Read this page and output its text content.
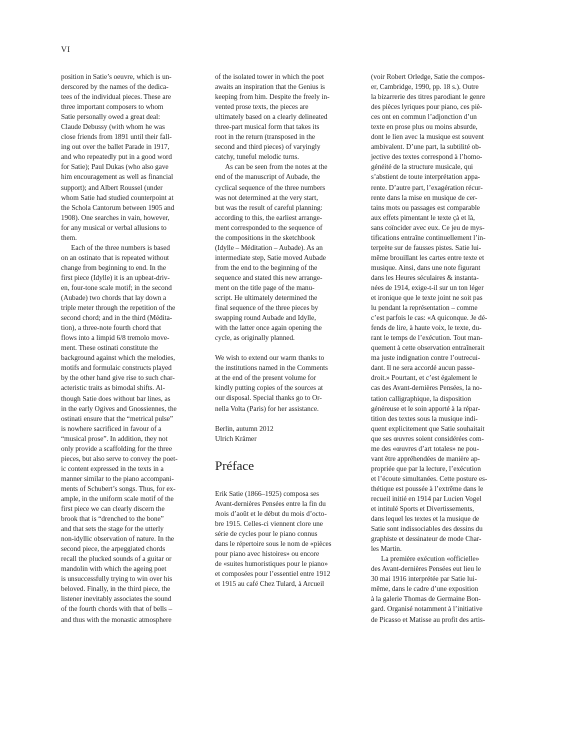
VI

position in Satie’s oeuvre, which is un-

derscored by the names of the dedica-

tees of the individual pieces. These are

three important composers to whom

Satie personally owed a great deal:

Claude Debussy (with whom he was

close friends from 1891 until their fall-

ing out over the ballet Parade in 1917,

and who repeatedly put in a good word

for Satie); Paul Dukas (who also gave

him encouragement as well as financial

support); and Albert Roussel (under

whom Satie had studied counterpoint at

the Schola Cantorum between 1905 and

1908). One searches in vain, however,

for any musical or verbal allusions to

them.

Each of the three numbers is based

on an ostinato that is repeated without

change from beginning to end. In the

first piece (Idylle) it is an upbeat-driv-

en, four-tone scale motif; in the second

(Aubade) two chords that lay down a

triple meter through the repetition of the

second chord; and in the third (Médita-

tion), a three-note fourth chord that

flows into a limpid 6/8 tremolo move-

ment. These ostinati constitute the

background against which the melodies,

motifs and formulaic constructs played

by the other hand give rise to such char-

acteristic traits as bimodal shifts. Al-

though Satie does without bar lines, as

in the early Ogives and Gnossiennes, the

ostinati ensure that the “metrical pulse”

is nowhere sacrificed in favour of a

“musical prose”. In addition, they not

only provide a scaffolding for the three

pieces, but also serve to convey the poet-

ic content expressed in the texts in a

manner similar to the piano accompani-

ments of Schubert’s songs. Thus, for ex-

ample, in the uniform scale motif of the

first piece we can clearly discern the

brook that is “drenched to the bone”

and that sets the stage for the utterly

non-idyllic observation of nature. In the

second piece, the arpeggiated chords

recall the plucked sounds of a guitar or

mandolin with which the ageing poet

is unsuccessfully trying to win over his

beloved. Finally, in the third piece, the

listener inevitably associates the sound

of the fourth chords with that of bells –

and thus with the monastic atmosphere

of the isolated tower in which the poet

awaits an inspiration that the Genius is

keeping from him. Despite the freely in-

vented prose texts, the pieces are

ultimately based on a clearly delineated

three-part musical form that takes its

root in the return (transposed in the

second and third pieces) of varyingly

catchy, tuneful melodic turns.

As can be seen from the notes at the

end of the manuscript of Aubade, the

cyclical sequence of the three numbers

was not determined at the very start,

but was the result of careful planning:

according to this, the earliest arrange-

ment corresponded to the sequence of

the compositions in the sketchbook

(Idylle – Méditation – Aubade). As an

intermediate step, Satie moved Aubade

from the end to the beginning of the

sequence and stated this new arrange-

ment on the title page of the manu-

script. He ultimately determined the

final sequence of the three pieces by

swapping round Aubade and Idylle,

with the latter once again opening the

cycle, as originally planned.

We wish to extend our warm thanks to

the institutions named in the Comments

at the end of the present volume for

kindly putting copies of the sources at

our disposal. Special thanks go to Or-

nella Volta (Paris) for her assistance.

Berlin, autumn 2012

Ulrich Krämer

Préface

Erik Satie (1866–1925) composa ses

Avant-dernières Pensées entre la fin du

mois d’août et le début du mois d’octo-

bre 1915. Celles-ci viennent clore une

série de cycles pour le piano connus

dans le répertoire sous le nom de «pièces

pour piano avec histoires» ou encore

de «suites humoristiques pour le piano»

et composées pour l’essentiel entre 1912

et 1915 au café Chez Tulard, à Arcueil

(voir Robert Orledge, Satie the compos-

er, Cambridge, 1990, pp. 18 s.). Outre

la bizarrerie des titres parodiant le genre

des pièces lyriques pour piano, ces piè-

ces ont en commun l’adjonction d’un

texte en prose plus ou moins absurde,

dont le lien avec la musique est souvent

ambivalent. D’une part, la subtilité ob-

jective des textes correspond à l’homo-

généité de la structure musicale, qui

s’abstient de toute interprétation appa-

rente. D’autre part, l’exagération récur-

rente dans la mise en musique de cer-

tains mots ou passages est comparable

aux effets pimentant le texte çà et là,

sans coïncider avec eux. Ce jeu de mys-

tifications entraîne continuellement l’in-

terprète sur de fausses pistes. Satie lui-

même brouillant les cartes entre texte et

musique. Ainsi, dans une note figurant

dans les Heures séculaires & instanta-

nées de 1914, exige-t-il sur un ton léger

et ironique que le texte joint ne soit pas

lu pendant la représentation – comme

c’est parfois le cas: «A quiconque. Je dé-

fends de lire, à haute voix, le texte, du-

rant le temps de l’exécution. Tout man-

quement à cette observation entraînerait

ma juste indignation contre l’outrecui-

dant. Il ne sera accordé aucun passe-

droit.» Pourtant, et c’est également le

cas des Avant-dernières Pensées, la no-

tation calligraphique, la disposition

généreuse et le soin apporté à la répar-

tition des textes sous la musique indi-

quent explicitement que Satie souhaitait

que ses œuvres soient considérées com-

me des «œuvres d’art totales» ne pou-

vant être appréhendées de manière ap-

propriée que par la lecture, l’exécution

et l’écoute simultanées. Cette posture es-

thétique est poussée à l’extrême dans le

recueil initié en 1914 par Lucien Vogel

et intitulé Sports et Divertissements,

dans lequel les textes et la musique de

Satie sont indissociables des dessins du

graphiste et dessinateur de mode Char-

les Martin.

La première exécution «officielle»

des Avant-dernières Pensées eut lieu le

30 mai 1916 interprétée par Satie lui-

même, dans le cadre d’une exposition

à la galerie Thomas de Germaine Bon-

gard. Organisé notamment à l’initiative

de Picasso et Matisse au profit des artis-
